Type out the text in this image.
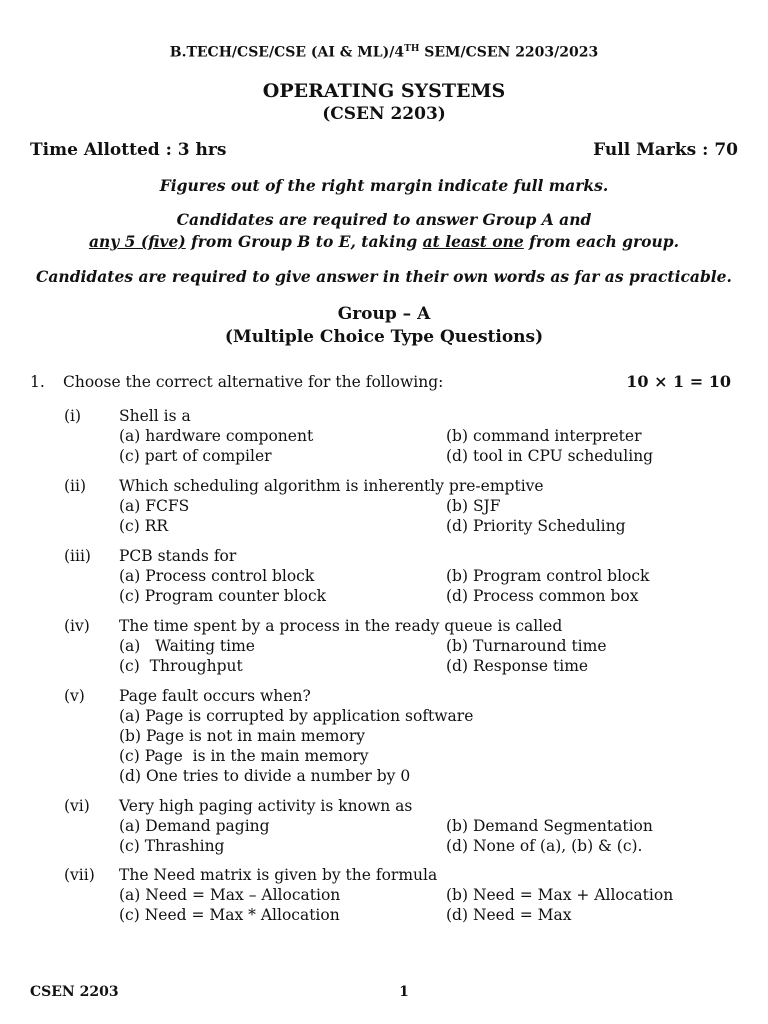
B.TECH/CSE/CSE (AI & ML)/4TH SEM/CSEN 2203/2023
OPERATING SYSTEMS
(CSEN 2203)
Time Allotted : 3 hrs	Full Marks : 70
Figures out of the right margin indicate full marks.
Candidates are required to answer Group A and
any 5 (five) from Group B to E, taking at least one from each group.
Candidates are required to give answer in their own words as far as practicable.
Group – A
(Multiple Choice Type Questions)
1. Choose the correct alternative for the following:	10 × 1 = 10
(i) Shell is a
(a) hardware component	(b) command interpreter
(c) part of compiler	(d) tool in CPU scheduling
(ii) Which scheduling algorithm is inherently pre-emptive
(a) FCFS	(b) SJF
(c) RR	(d) Priority Scheduling
(iii) PCB stands for
(a) Process control block	(b) Program control block
(c) Program counter block	(d) Process common box
(iv) The time spent by a process in the ready queue is called
(a)   Waiting time	(b) Turnaround time
(c)  Throughput	(d) Response time
(v) Page fault occurs when?
(a) Page is corrupted by application software
(b) Page is not in main memory
(c) Page  is in the main memory
(d) One tries to divide a number by 0
(vi) Very high paging activity is known as
(a) Demand paging	(b) Demand Segmentation
(c) Thrashing	(d) None of (a), (b) & (c).
(vii) The Need matrix is given by the formula
(a) Need = Max – Allocation	(b) Need = Max + Allocation
(c) Need = Max * Allocation	(d) Need = Max
CSEN 2203	1
